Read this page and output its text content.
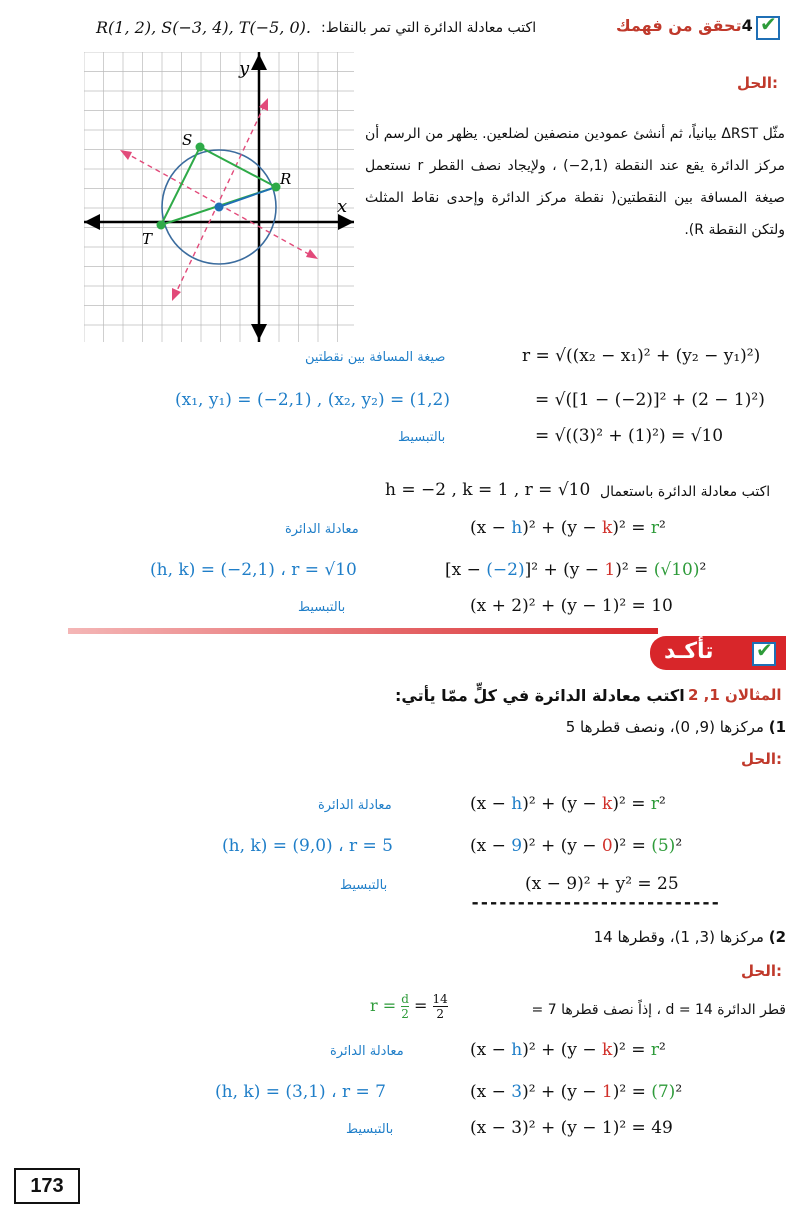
R(1, 2), S(−3, 4), T(−5, 0). اكتب معادلة الدائرة التي تمر بالنقاط:	4تحقق من فهمك
✔
الحل:
S
R
T
x
y
مثّل ΔRST بيانياً، ثم أنشئ عمودين منصفين لضلعين. يظهر من الرسم أن مركز الدائرة يقع عند النقطة (2,1−) ، ولإيجاد نصف القطر r نستعمل صيغة المسافة بين النقطتين( نقطة مركز الدائرة وإحدى نقاط المثلث ولتكن النقطة R).
صيغة المسافة بين نقطتين	r = √((x₂ − x₁)² + (y₂ − y₁)²)
(x₁, y₁) = (−2,1) , (x₂, y₂) = (1,2)	= √([1 − (−2)]² + (2 − 1)²)
بالتبسيط	= √((3)² + (1)²) = √10
اكتب معادلة الدائرة باستعمال
h = −2 , k = 1 , r = √10
معادلة الدائرة	(x − h)² + (y − k)² = r²
(h, k) = (−2,1) ، r = √10	[x − (−2)]² + (y − 1)² = (√10)²
بالتبسيط	(x + 2)² + (y − 1)² = 10
✔
تأكـد
المثالان 1, 2
اكتب معادلة الدائرة في كلٍّ ممّا يأتي:
1) مركزها (9, 0)، ونصف قطرها 5
الحل:
معادلة الدائرة	(x − h)² + (y − k)² = r²
(h, k) = (9,0) ، r = 5	(x − 9)² + (y − 0)² = (5)²
بالتبسيط	(x − 9)² + y² = 25
---------------------------
2) مركزها (3, 1)، وقطرها 14
الحل:
قطر الدائرة d = 14 ، إذاً نصف قطرها 7 =
$r = \frac{d}{2} = \frac{14}{2}$
معادلة الدائرة	(x − h)² + (y − k)² = r²
(h, k) = (3,1) ، r = 7	(x − 3)² + (y − 1)² = (7)²
بالتبسيط	(x − 3)² + (y − 1)² = 49
173
